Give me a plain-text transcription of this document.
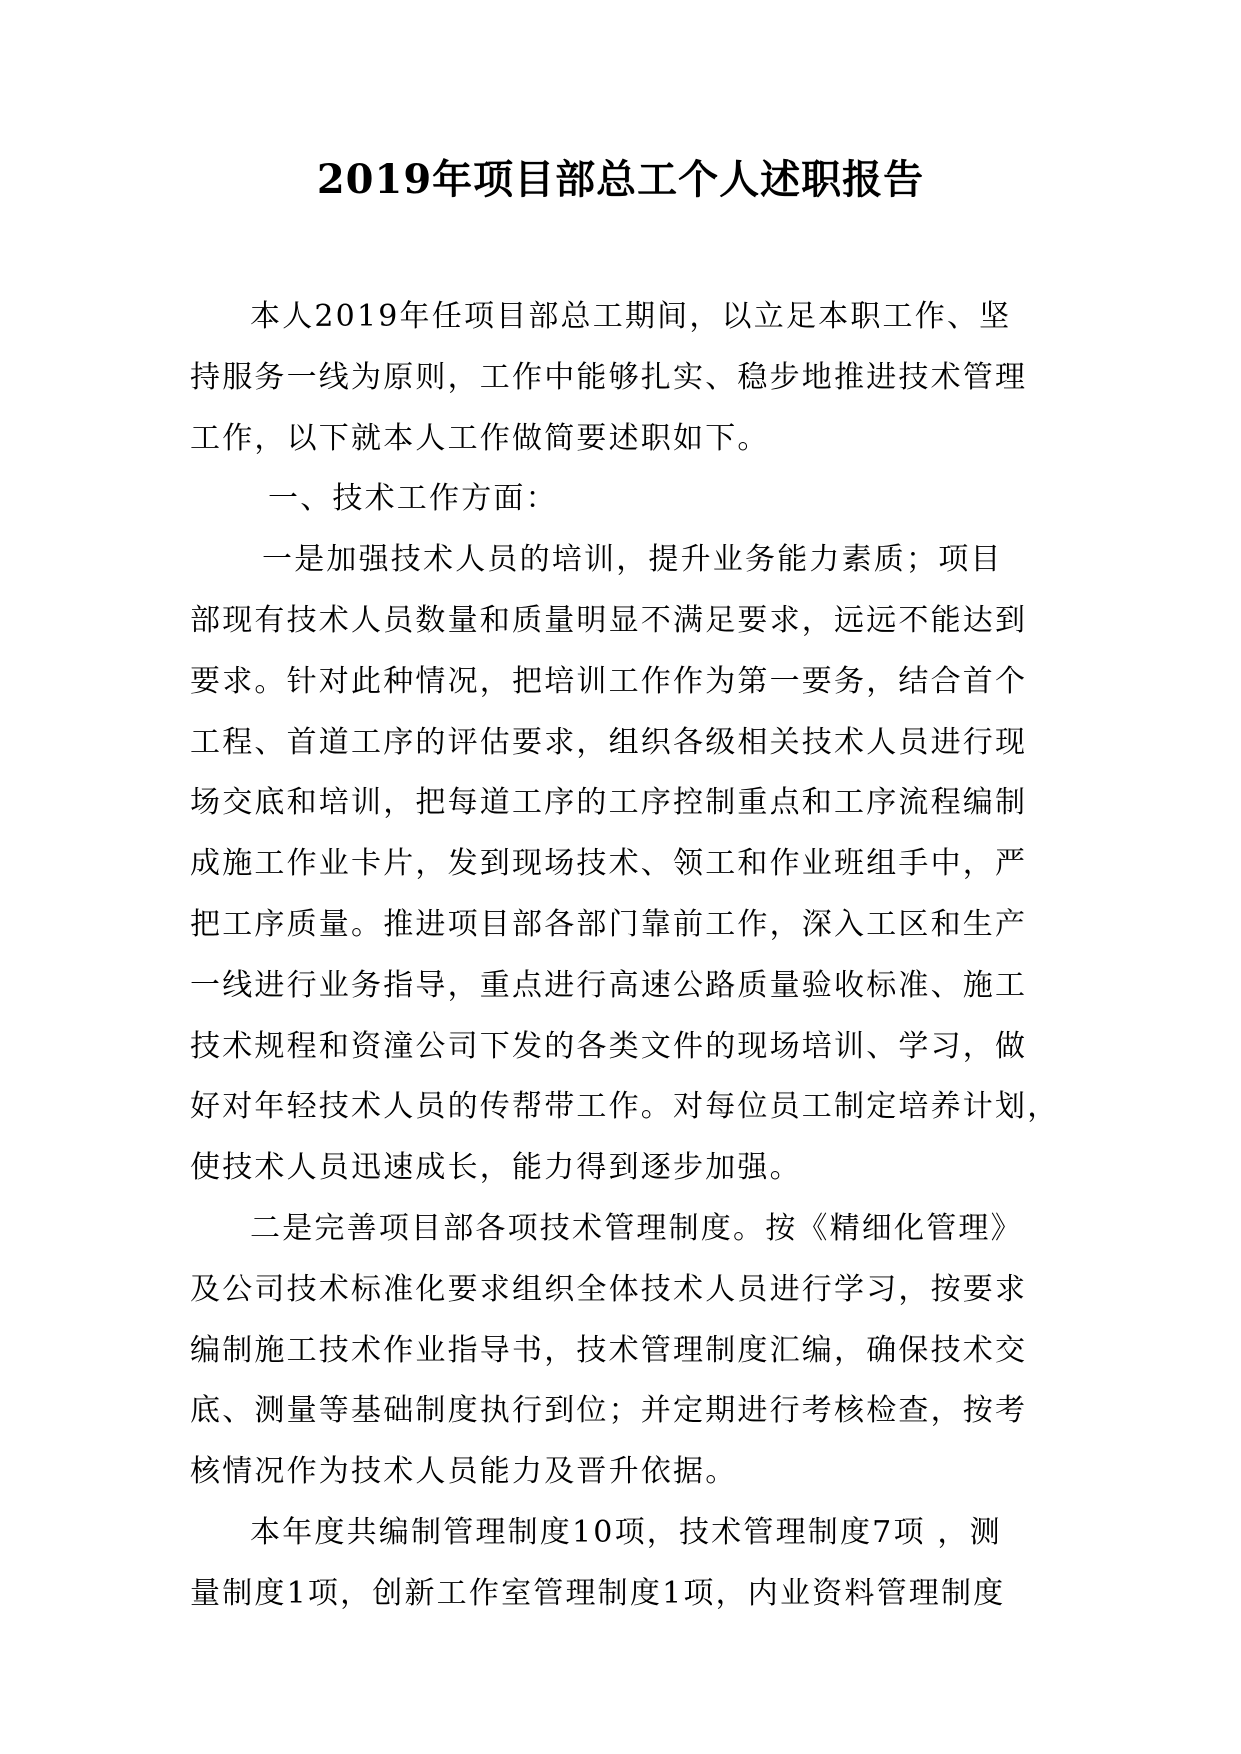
2019年项目部总工个人述职报告
本人2019年任项目部总工期间，以立足本职工作、坚
持服务一线为原则，工作中能够扎实、稳步地推进技术管理
工作，以下就本人工作做简要述职如下。
一、技术工作方面：
一是加强技术人员的培训，提升业务能力素质；项目
部现有技术人员数量和质量明显不满足要求，远远不能达到
要求。针对此种情况，把培训工作作为第一要务，结合首个
工程、首道工序的评估要求，组织各级相关技术人员进行现
场交底和培训，把每道工序的工序控制重点和工序流程编制
成施工作业卡片，发到现场技术、领工和作业班组手中，严
把工序质量。推进项目部各部门靠前工作，深入工区和生产
一线进行业务指导，重点进行高速公路质量验收标准、施工
技术规程和资潼公司下发的各类文件的现场培训、学习，做
好对年轻技术人员的传帮带工作。对每位员工制定培养计划，
使技术人员迅速成长，能力得到逐步加强。
二是完善项目部各项技术管理制度。按《精细化管理》
及公司技术标准化要求组织全体技术人员进行学习，按要求
编制施工技术作业指导书，技术管理制度汇编，确保技术交
底、测量等基础制度执行到位；并定期进行考核检查，按考
核情况作为技术人员能力及晋升依据。
本年度共编制管理制度10项，技术管理制度7项 ，测
量制度1项，创新工作室管理制度1项，内业资料管理制度
